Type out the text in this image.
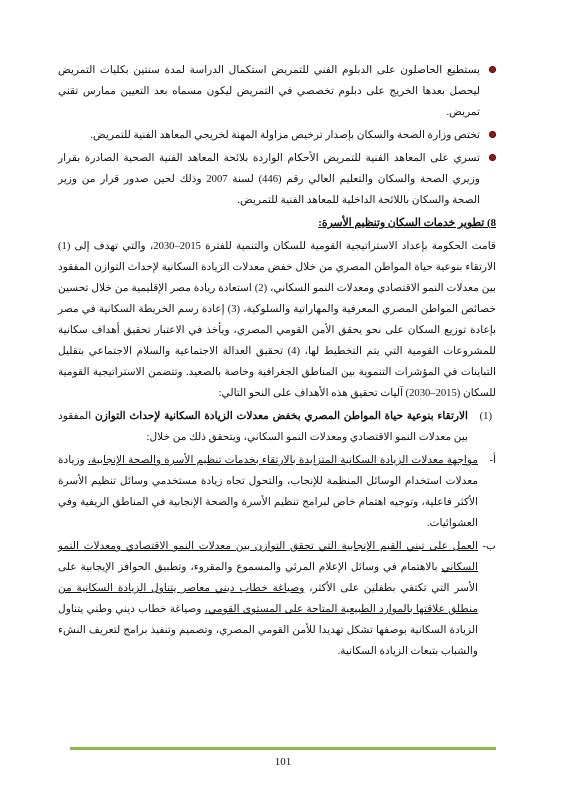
يستطيع الحاصلون على الدبلوم الفني للتمريض استكمال الدراسة لمدة سنتين بكليات التمريض ليحصل بعدها الخريج على دبلوم تخصصي في التمريض ليكون مسماه بعد التعيين ممارس تقني تمريض.
تختص وزارة الصحة والسكان بإصدار ترخيص مزاولة المهنة لخريجي المعاهد الفنية للتمريض.
تسري على المعاهد الفنية للتمريض الأحكام الواردة بلائحة المعاهد الفنية الصحية الصادرة بقرار وزيري الصحة والسكان والتعليم العالي رقم (446) لسنة 2007 وذلك لحين صدور قرار من وزير الصحة والسكان باللائحة الداخلية للمعاهد الفنية للتمريض.
8) تطوير خدمات السكان وتنظيم الأسرة:

قامت الحكومة بإعداد الاستراتيجية القومية للسكان والتنمية للفترة 2015–2030، والتي تهدف إلى (1) الارتقاء بنوعية حياة المواطن المصري من خلال خفض معدلات الزيادة السكانية لإحداث التوازن المفقود بين معدلات النمو الاقتصادي ومعدلات النمو السكاني، (2) استعادة ريادة مصر الإقليمية من خلال تحسين خصائص المواطن المصري المعرفية والمهاراتية والسلوكية، (3) إعادة رسم الخريطة السكانية في مصر بإعادة توزيع السكان على نحو يحقق الأمن القومي المصري، ويأخذ في الاعتبار تحقيق أهداف سكانية للمشروعات القومية التي يتم التخطيط لها، (4) تحقيق العدالة الاجتماعية والسلام الاجتماعي بتقليل التباينات في المؤشرات التنموية بين المناطق الجغرافية وخاصة بالصعيد. وتتضمن الاستراتيجية القومية للسكان (2015–2030) آليات تحقيق هذه الأهداف على النحو التالي:

(1)
الارتقاء بنوعية حياة المواطن المصري بخفض معدلات الزيادة السكانية لإحداث التوازن المفقود بين معدلات النمو الاقتصادي ومعدلات النمو السكاني، ويتحقق ذلك من خلال:
أ-
مواجهة معدلات الزيادة السكانية المتزايدة بالارتقاء بخدمات تنظيم الأسرة والصحة الإنجابية، وزيادة معدلات استخدام الوسائل المنظمة للإنجاب، والتحول تجاه زيادة مستخدمي وسائل تنظيم الأسرة الأكثر فاعلية، وتوجيه اهتمام خاص لبرامج تنظيم الأسرة والصحة الإنجابية في المناطق الريفية وفي العشوائيات.
ب-
العمل على تبني القيم الإنجابية التي تحقق التوازن بين معدلات النمو الاقتصادي ومعدلات النمو السكاني بالاهتمام في وسائل الإعلام المرئي والمسموع والمقروء، وتطبيق الحوافز الإيجابية على الأسر التي تكتفي بطفلين على الأكثر، وصياغة خطاب ديني معاصر يتناول الزيادة السكانية من منطلق علاقتها بالموارد الطبيعية المتاحة على المستوى القومي، وصياغة خطاب ديني وطني يتناول الزيادة السكانية بوصفها تشكل تهديدا للأمن القومي المصري، وتصميم وتنفيذ برامج لتعريف النشء والشباب بتبعات الزيادة السكانية.
101
